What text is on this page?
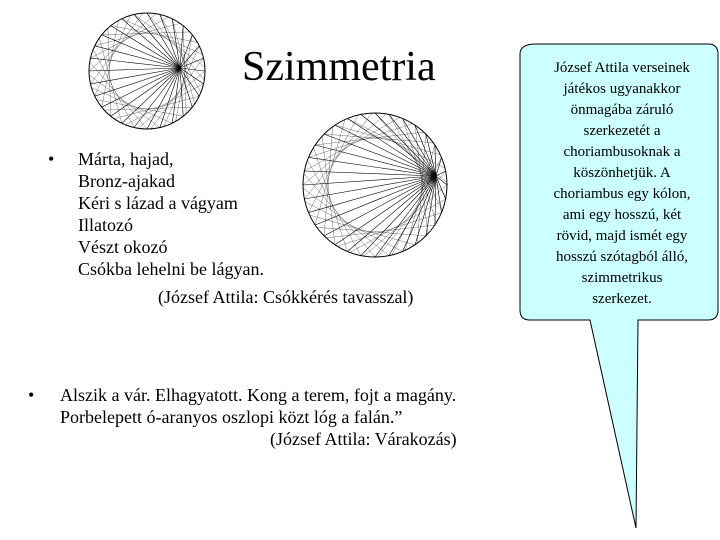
Szimmetria
• Márta, hajad,
Bronz-ajakad
Kéri s lázad a vágyam
Illatozó
Vészt okozó
Csókba lehelni be lágyan.
(József Attila: Csókkérés tavasszal)
• Alszik a vár. Elhagyatott. Kong a terem, fojt a magány.
Porbelepett ó-aranyos oszlopi közt lóg a falán.”
(József Attila: Várakozás)
József Attila verseinek
játékos ugyanakkor
önmagába záruló
szerkezetét a
choriambusoknak a
köszönhetjük. A
choriambus egy kólon,
ami egy hosszú, két
rövid, majd ismét egy
hosszú szótagból álló,
szimmetrikus
szerkezet.
